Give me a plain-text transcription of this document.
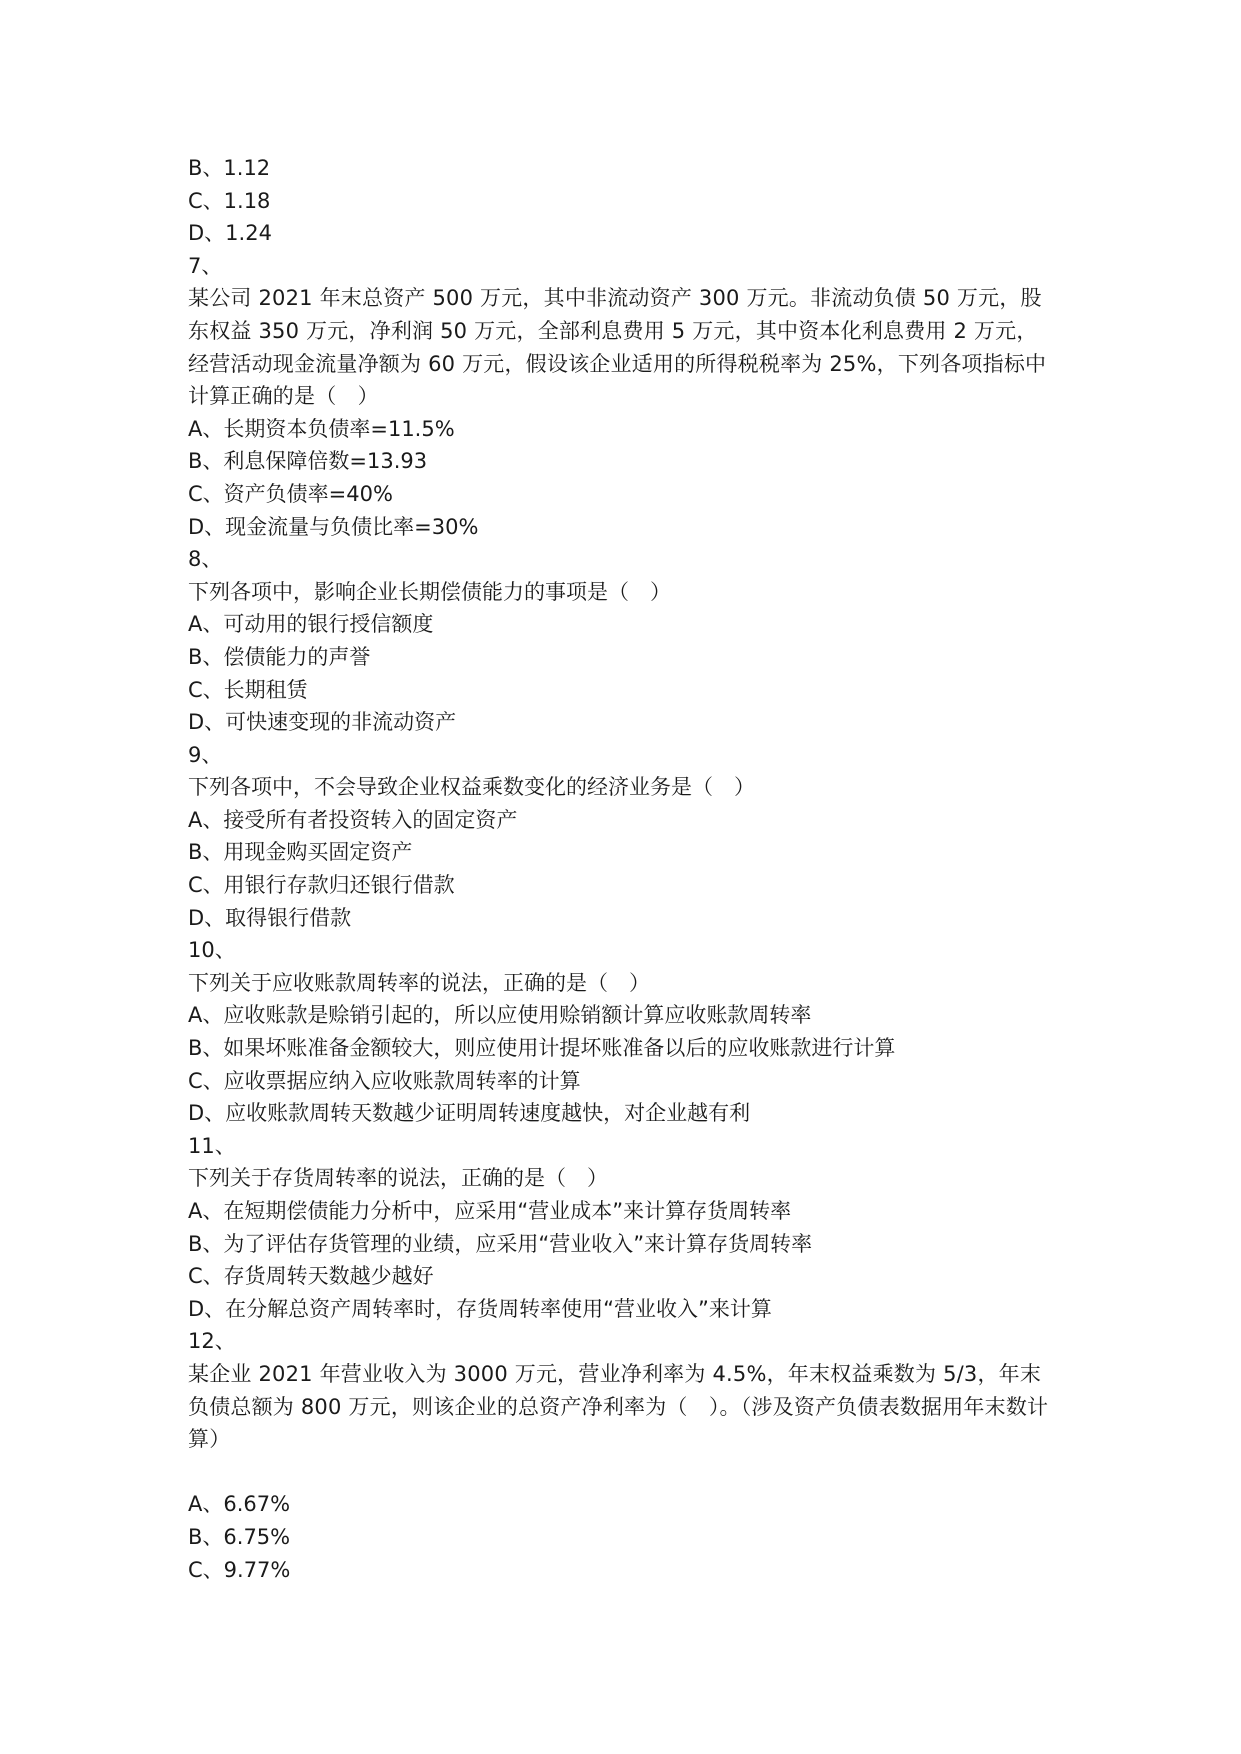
B、1.12

C、1.18

D、1.24

7、

某公司 2021 年末总资产 500 万元，其中非流动资产 300 万元。非流动负债 50 万元，股东权益 350 万元，净利润 50 万元，全部利息费用 5 万元，其中资本化利息费用 2 万元，经营活动现金流量净额为 60 万元，假设该企业适用的所得税税率为 25%，下列各项指标中计算正确的是（　）

A、长期资本负债率=11.5%

B、利息保障倍数=13.93

C、资产负债率=40%

D、现金流量与负债比率=30%

8、

下列各项中，影响企业长期偿债能力的事项是（　）

A、可动用的银行授信额度

B、偿债能力的声誉

C、长期租赁

D、可快速变现的非流动资产

9、

下列各项中，不会导致企业权益乘数变化的经济业务是（　）

A、接受所有者投资转入的固定资产

B、用现金购买固定资产

C、用银行存款归还银行借款

D、取得银行借款

10、

下列关于应收账款周转率的说法，正确的是（　）

A、应收账款是赊销引起的，所以应使用赊销额计算应收账款周转率

B、如果坏账准备金额较大，则应使用计提坏账准备以后的应收账款进行计算

C、应收票据应纳入应收账款周转率的计算

D、应收账款周转天数越少证明周转速度越快，对企业越有利

11、

下列关于存货周转率的说法，正确的是（　）

A、在短期偿债能力分析中，应采用“营业成本”来计算存货周转率

B、为了评估存货管理的业绩，应采用“营业收入”来计算存货周转率

C、存货周转天数越少越好

D、在分解总资产周转率时，存货周转率使用“营业收入”来计算

12、

某企业 2021 年营业收入为 3000 万元，营业净利率为 4.5%，年末权益乘数为 5/3，年末负债总额为 800 万元，则该企业的总资产净利率为（　）。（涉及资产负债表数据用年末数计算）

A、6.67%

B、6.75%

C、9.77%
